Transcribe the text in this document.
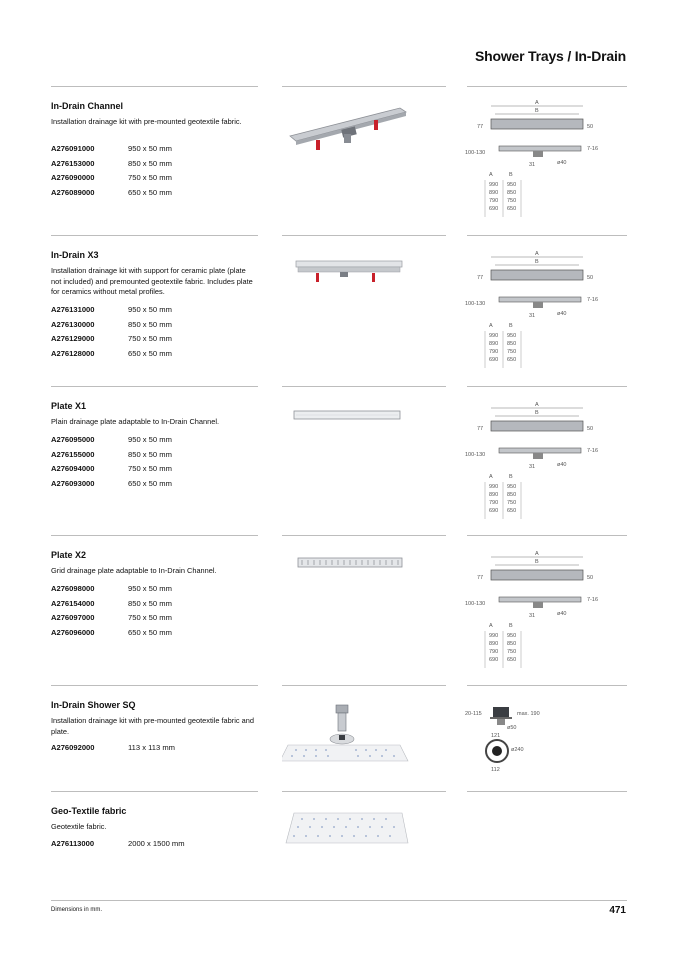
Shower Trays / In-Drain
In-Drain Channel
Installation drainage kit with pre-mounted geotextile fabric.
A276091000	950 x 50 mm
A276153000	850 x 50 mm
A276090000	750 x 50 mm
A276089000	650 x 50 mm
A
B
77	50
100-130
7-16
31	ø40
A	B
990 950
890 850
790 750
690 650
In-Drain X3
Installation drainage kit with support for ceramic plate (plate not included) and premounted geotextile fabric. Includes plate for ceramics without metal profiles.
A276131000	950 x 50 mm
A276130000	850 x 50 mm
A276129000	750 x 50 mm
A276128000	650 x 50 mm
A
B
77	50
100-130
7-16
31	ø40
A	B
990 950
890 850
790 750
690 650
Plate X1
Plain drainage plate adaptable to In-Drain Channel.
A276095000	950 x 50 mm
A276155000	850 x 50 mm
A276094000	750 x 50 mm
A276093000	650 x 50 mm
A
B
77	50
100-130
7-16
31	ø40
A	B
990 950
890 850
790 750
690 650
Plate X2
Grid drainage plate adaptable to In-Drain Channel.
A276098000	950 x 50 mm
A276154000	850 x 50 mm
A276097000	750 x 50 mm
A276096000	650 x 50 mm
A
B
77	50
100-130
7-16
31	ø40
A	B
990 950
890 850
790 750
690 650
In-Drain Shower SQ
Installation drainage kit with pre-mounted geotextile fabric and plate.
A276092000	113 x 113 mm
20-115	max. 190
ø50
121
ø240
112
Geo-Textile fabric
Geotextile fabric.
A276113000	2000 x 1500 mm
Dimensions in mm.	471
